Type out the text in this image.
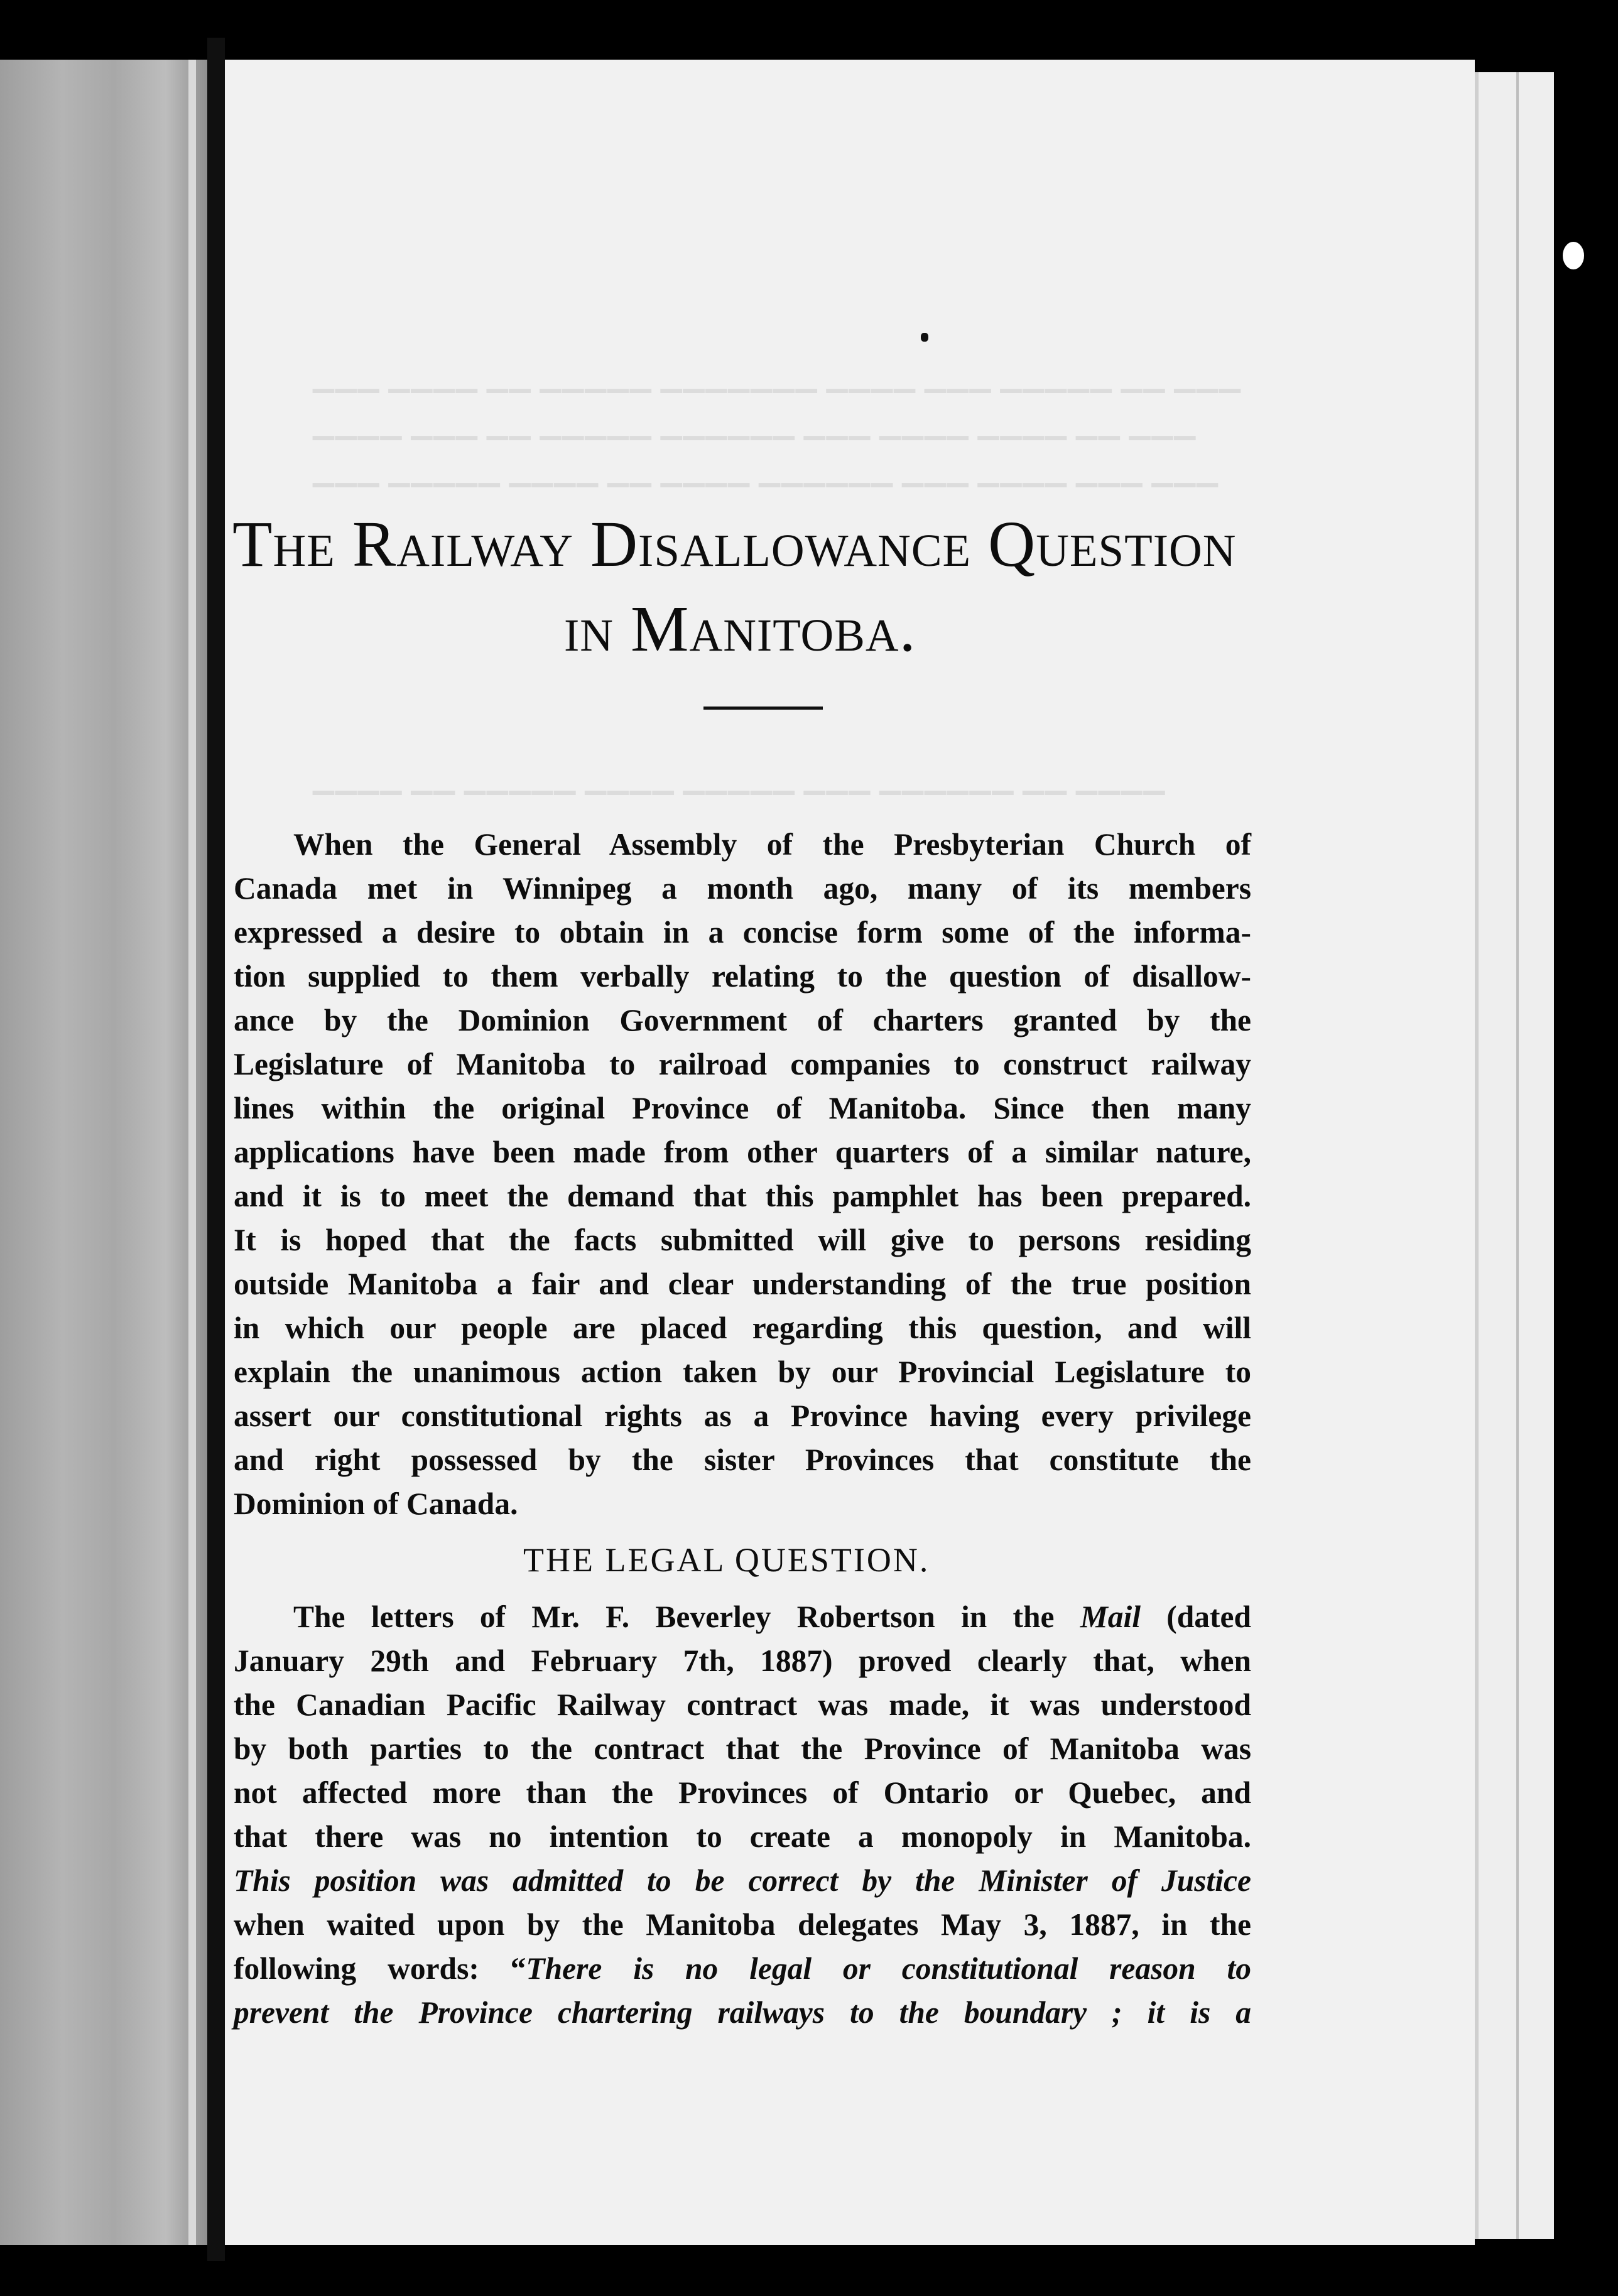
▁▁▁ ▁▁▁▁ ▁▁ ▁▁▁▁▁ ▁▁▁▁▁▁▁ ▁▁▁▁ ▁▁▁ ▁▁▁▁▁ ▁▁ ▁▁▁
▁▁▁▁ ▁▁▁ ▁▁ ▁▁▁▁▁ ▁▁▁▁▁▁ ▁▁▁ ▁▁▁▁ ▁▁▁▁ ▁▁ ▁▁▁
▁▁▁ ▁▁▁▁▁ ▁▁▁▁ ▁▁ ▁▁▁▁ ▁▁▁▁▁▁ ▁▁▁ ▁▁▁▁ ▁▁▁ ▁▁▁
▁▁▁▁ ▁▁ ▁▁▁▁▁ ▁▁▁▁ ▁▁▁▁▁ ▁▁▁ ▁▁▁▁▁▁ ▁▁ ▁▁▁▁
The Railway Disallowance Question
in Manitoba.
When the General Assembly of the Presbyterian Church of
Canada met in Winnipeg a month ago, many of its members
expressed a desire to obtain in a concise form some of the informa-
tion supplied to them verbally relating to the question of disallow-
ance by the Dominion Government of charters granted by the
Legislature of Manitoba to railroad companies to construct railway
lines within the original Province of Manitoba. Since then many
applications have been made from other quarters of a similar nature,
and it is to meet the demand that this pamphlet has been prepared.
It is hoped that the facts submitted will give to persons residing
outside Manitoba a fair and clear understanding of the true position
in which our people are placed regarding this question, and will
explain the unanimous action taken by our Provincial Legislature to
assert our constitutional rights as a Province having every privilege
and right possessed by the sister Provinces that constitute the
Dominion of Canada.
THE LEGAL QUESTION.
The letters of Mr. F. Beverley Robertson in the Mail (dated
January 29th and February 7th, 1887) proved clearly that, when
the Canadian Pacific Railway contract was made, it was understood
by both parties to the contract that the Province of Manitoba was
not affected more than the Provinces of Ontario or Quebec, and
that there was no intention to create a monopoly in Manitoba.
This position was admitted to be correct by the Minister of Justice
when waited upon by the Manitoba delegates May 3, 1887, in the
following words: “There is no legal or constitutional reason to
prevent the Province chartering railways to the boundary ; it is a
